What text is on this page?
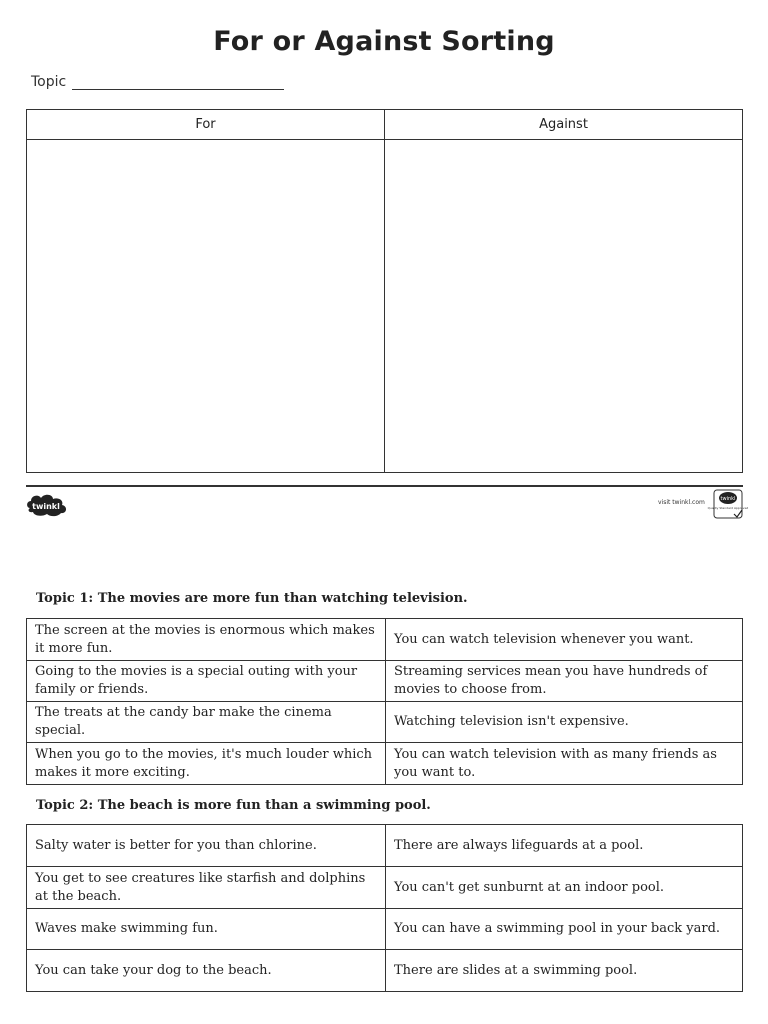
For or Against Sorting
Topic
For	Against
twinkl	visit twinkl.com	twinkl
Quality Standard Approved
Topic 1: The movies are more fun than watching television.
The screen at the movies is enormous which makes it more fun.	You can watch television whenever you want.
Going to the movies is a special outing with your family or friends.	Streaming services mean you have hundreds of movies to choose from.
The treats at the candy bar make the cinema special.	Watching television isn't expensive.
When you go to the movies, it's much louder which makes it more exciting.	You can watch television with as many friends as you want to.
Topic 2: The beach is more fun than a swimming pool.
Salty water is better for you than chlorine.	There are always lifeguards at a pool.
You get to see creatures like starfish and dolphins at the beach.	You can't get sunburnt at an indoor pool.
Waves make swimming fun.	You can have a swimming pool in your back yard.
You can take your dog to the beach.	There are slides at a swimming pool.
